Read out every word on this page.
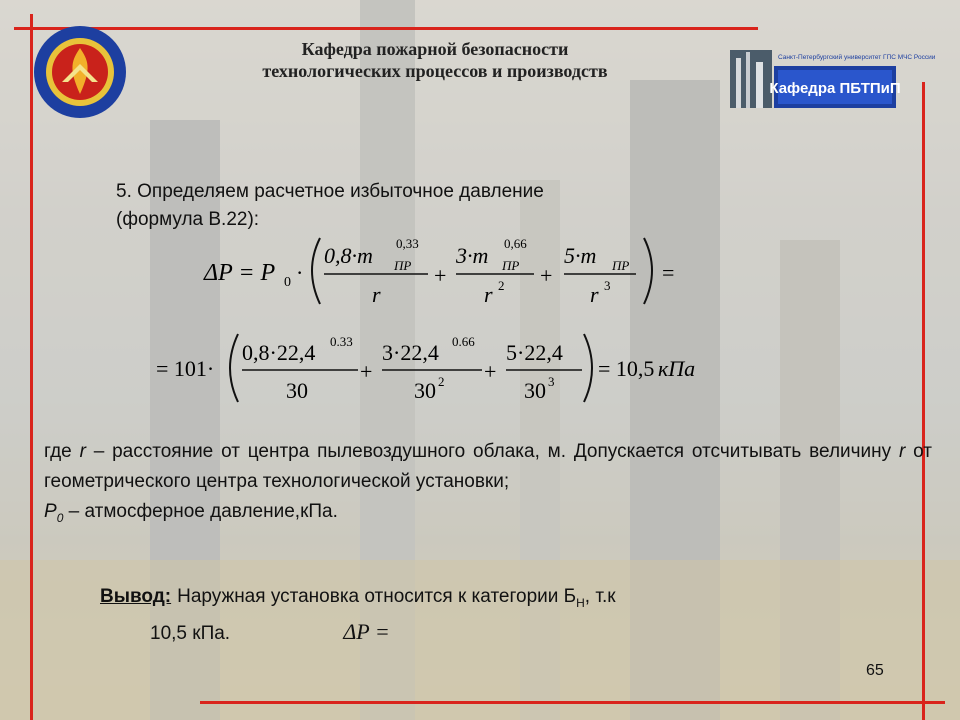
Кафедра пожарной безопасности
технологических процессов и производств
Санкт-Петербургский университет ГПС МЧС России
Кафедра ПБТПиП
5. Определяем расчетное избыточное давление
(формула В.22):
ΔP = P 0 ·
0,8·m 0,33
ПР
r
+
3·m 0,66
ПР
r 2 +
5·m ПР
r 3
=
= 101·
0,8·22,4 0.33
30
+
3·22,4 0.66
30 2 +
5·22,4
30 3
= 10,5 кПа

где r – расстояние от центра пылевоздушного облака, м. Допускается отсчитывать величину r от геометрического центра технологической установки;

$P_0$ – атмосферное давление,кПа.

Вывод: Наружная установка относится к категории $Б_Н$, т.к
10,5 кПа.	ΔP =
65
